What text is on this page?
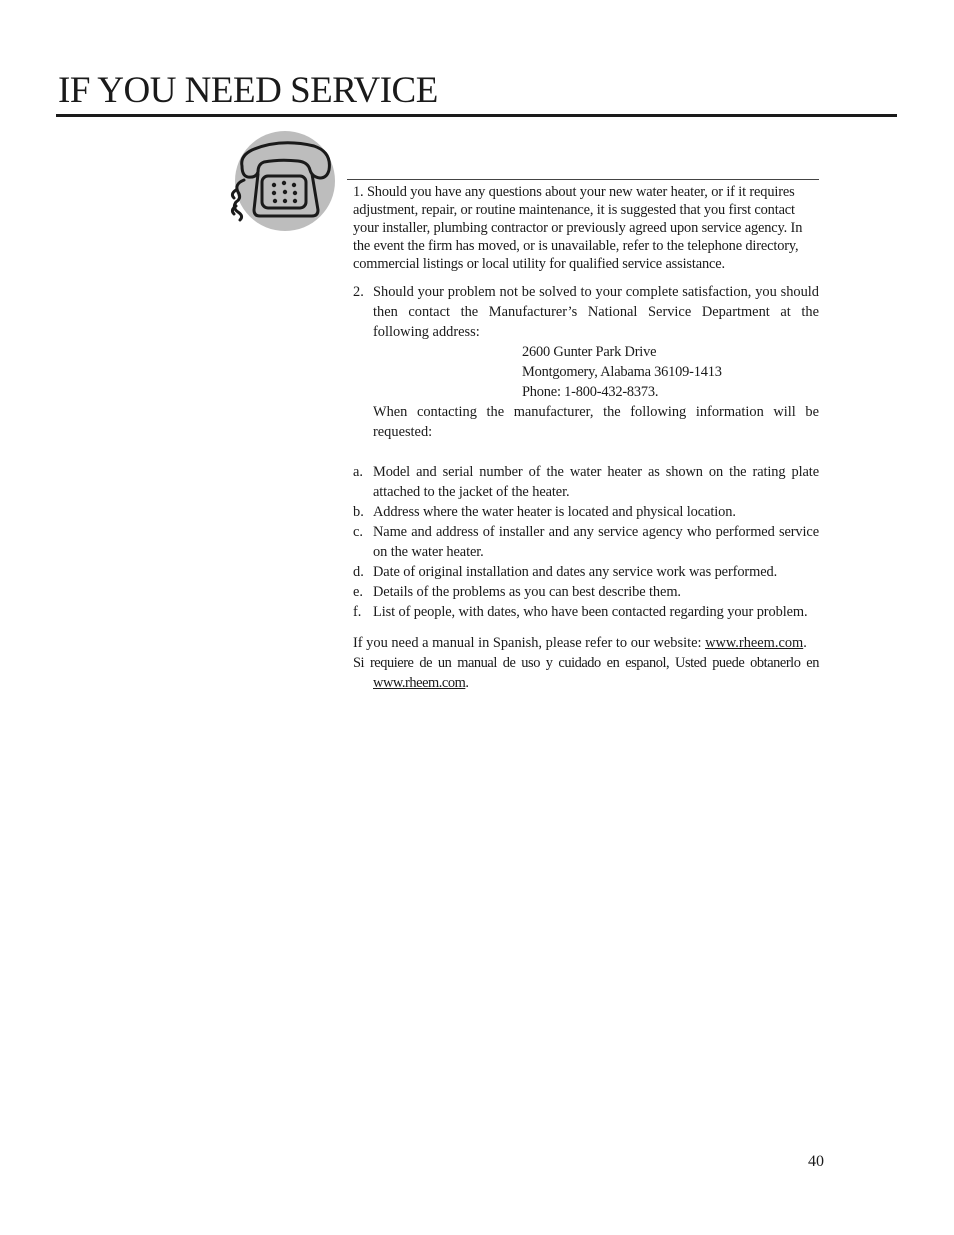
IF YOU NEED SERVICE

1. Should you have any questions about your new water heater, or if it requires adjustment, repair, or routine maintenance, it is suggested that you first contact your installer, plumbing contractor or previously agreed upon service agency. In the event the firm has moved, or is unavailable, refer to the telephone directory, commercial listings or local utility for qualified service assistance.

2. Should your problem not be solved to your complete satisfaction, you should then contact the Manufacturer’s National Service Department at the following address:

2600 Gunter Park Drive
Montgomery, Alabama 36109-1413
Phone: 1-800-432-8373.

When contacting the manufacturer, the following information will be requested:

a. Model and serial number of the water heater as shown on the rating plate attached to the jacket of the heater.
b. Address where the water heater is located and physical location.
c. Name and address of installer and any service agency who performed service on the water heater.
d. Date of original installation and dates any service work was performed.
e. Details of the problems as you can best describe them.
f. List of people, with dates, who have been contacted regarding your problem.

If you need a manual in Spanish, please refer to our website: www.rheem.com.

Si requiere de un manual de uso y cuidado en espanol, Usted puede obtanerlo en www.rheem.com.

40
